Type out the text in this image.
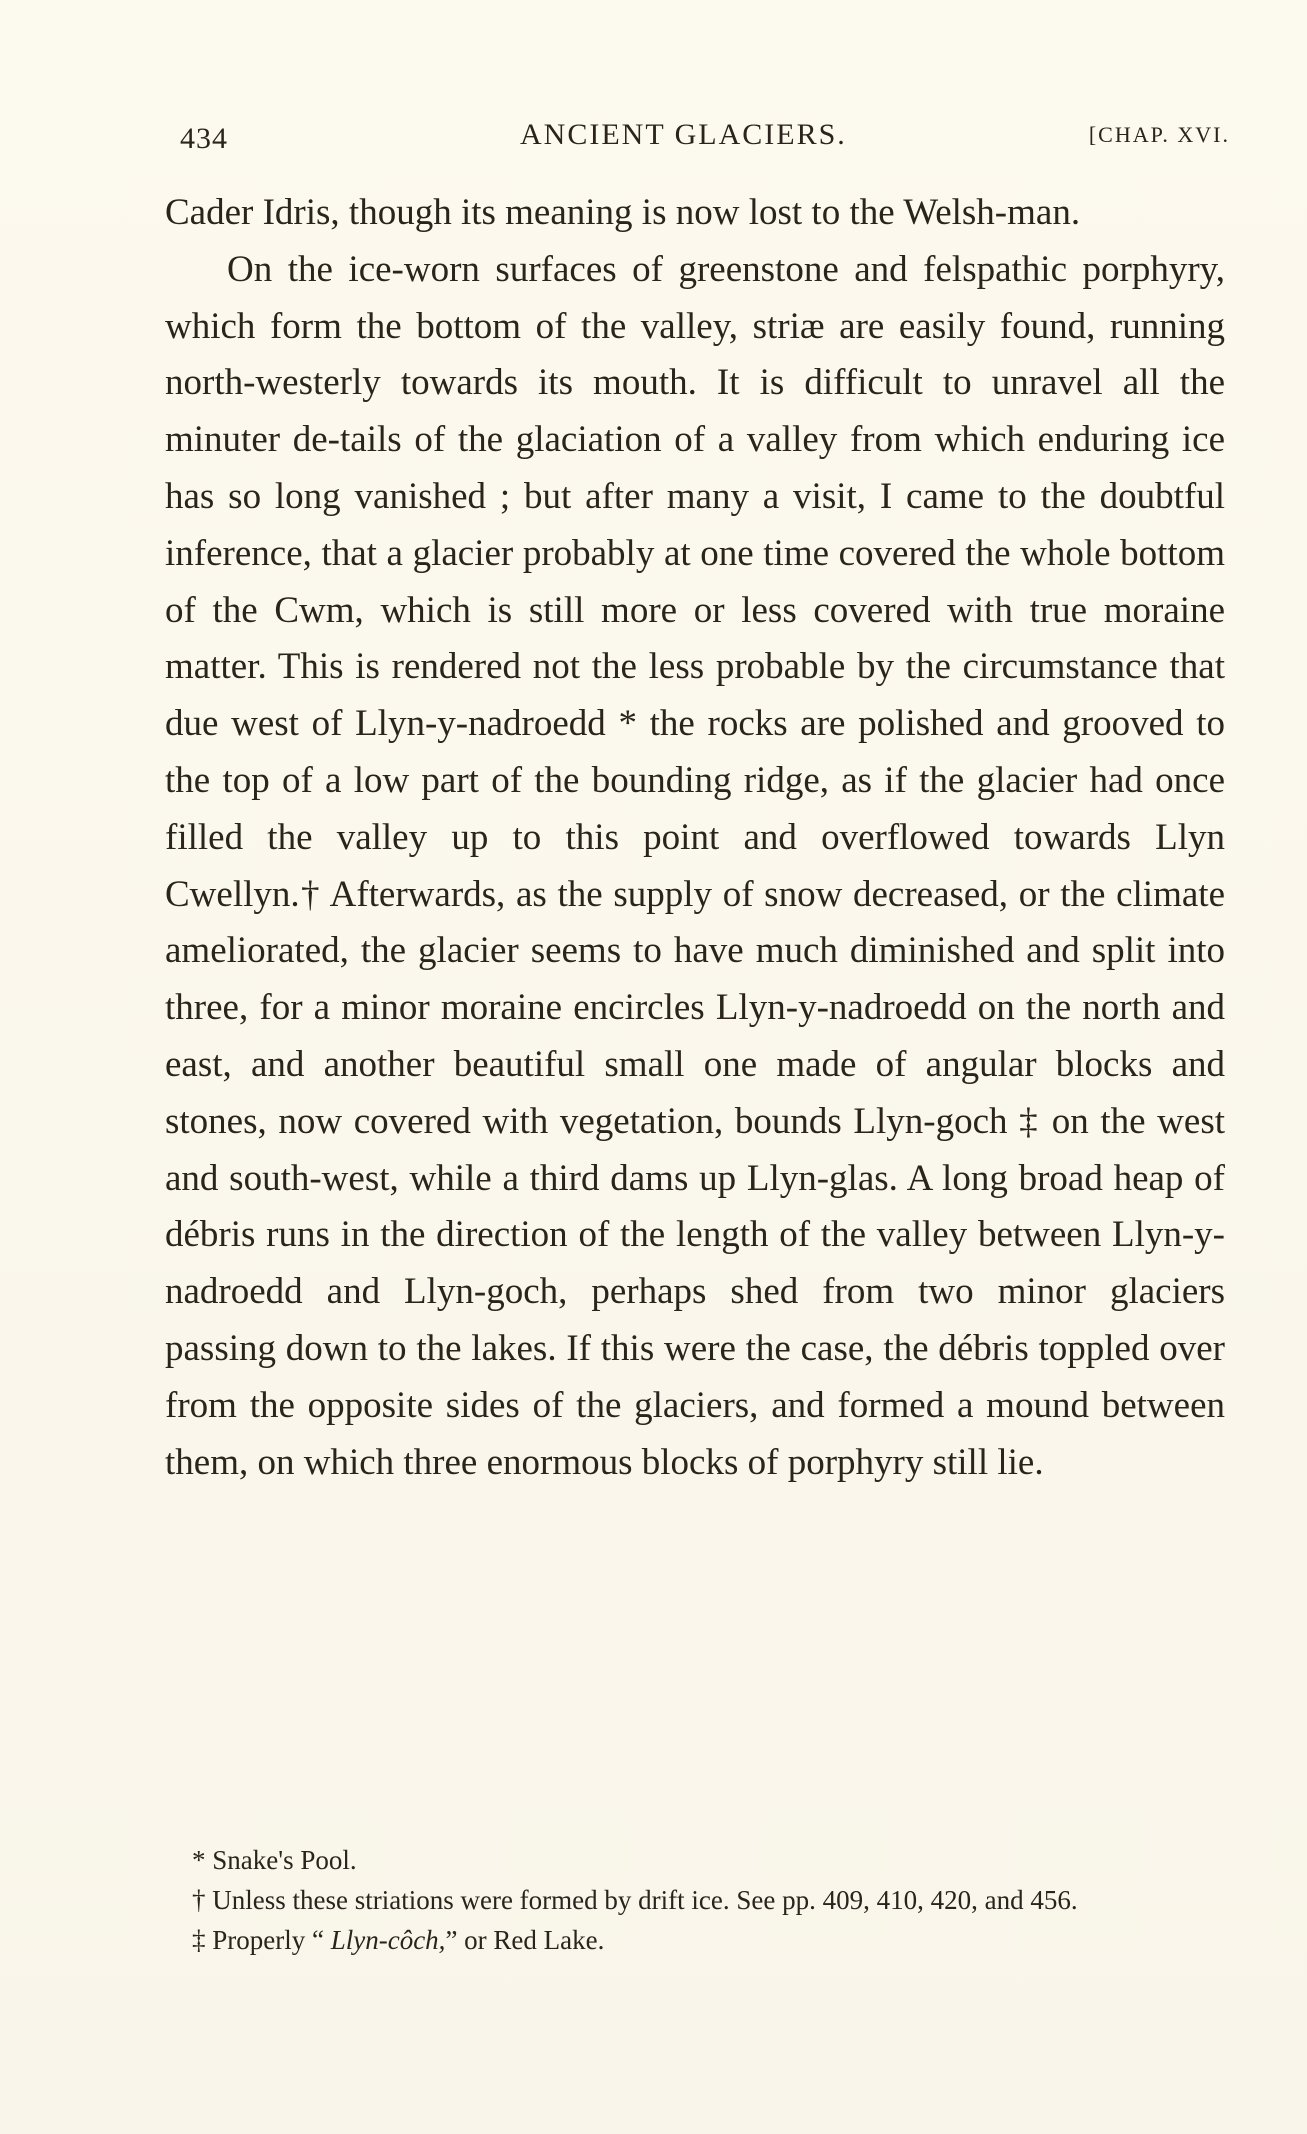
434	ANCIENT GLACIERS.	[CHAP. XVI.

Cader Idris, though its meaning is now lost to the Welsh-man.

On the ice-worn surfaces of greenstone and felspathic porphyry, which form the bottom of the valley, striæ are easily found, running north-westerly towards its mouth. It is difficult to unravel all the minuter de-tails of the glaciation of a valley from which enduring ice has so long vanished ; but after many a visit, I came to the doubtful inference, that a glacier probably at one time covered the whole bottom of the Cwm, which is still more or less covered with true moraine matter. This is rendered not the less probable by the circumstance that due west of Llyn-y-nadroedd * the rocks are polished and grooved to the top of a low part of the bounding ridge, as if the glacier had once filled the valley up to this point and overflowed towards Llyn Cwellyn.† Afterwards, as the supply of snow decreased, or the climate ameliorated, the glacier seems to have much diminished and split into three, for a minor moraine encircles Llyn-y-nadroedd on the north and east, and another beautiful small one made of angular blocks and stones, now covered with vegetation, bounds Llyn-goch ‡ on the west and south-west, while a third dams up Llyn-glas. A long broad heap of débris runs in the direction of the length of the valley between Llyn-y-nadroedd and Llyn-goch, perhaps shed from two minor glaciers passing down to the lakes. If this were the case, the débris toppled over from the opposite sides of the glaciers, and formed a mound between them, on which three enormous blocks of porphyry still lie.

* Snake's Pool.

† Unless these striations were formed by drift ice. See pp. 409, 410, 420, and 456.

‡ Properly “ Llyn-côch,” or Red Lake.
